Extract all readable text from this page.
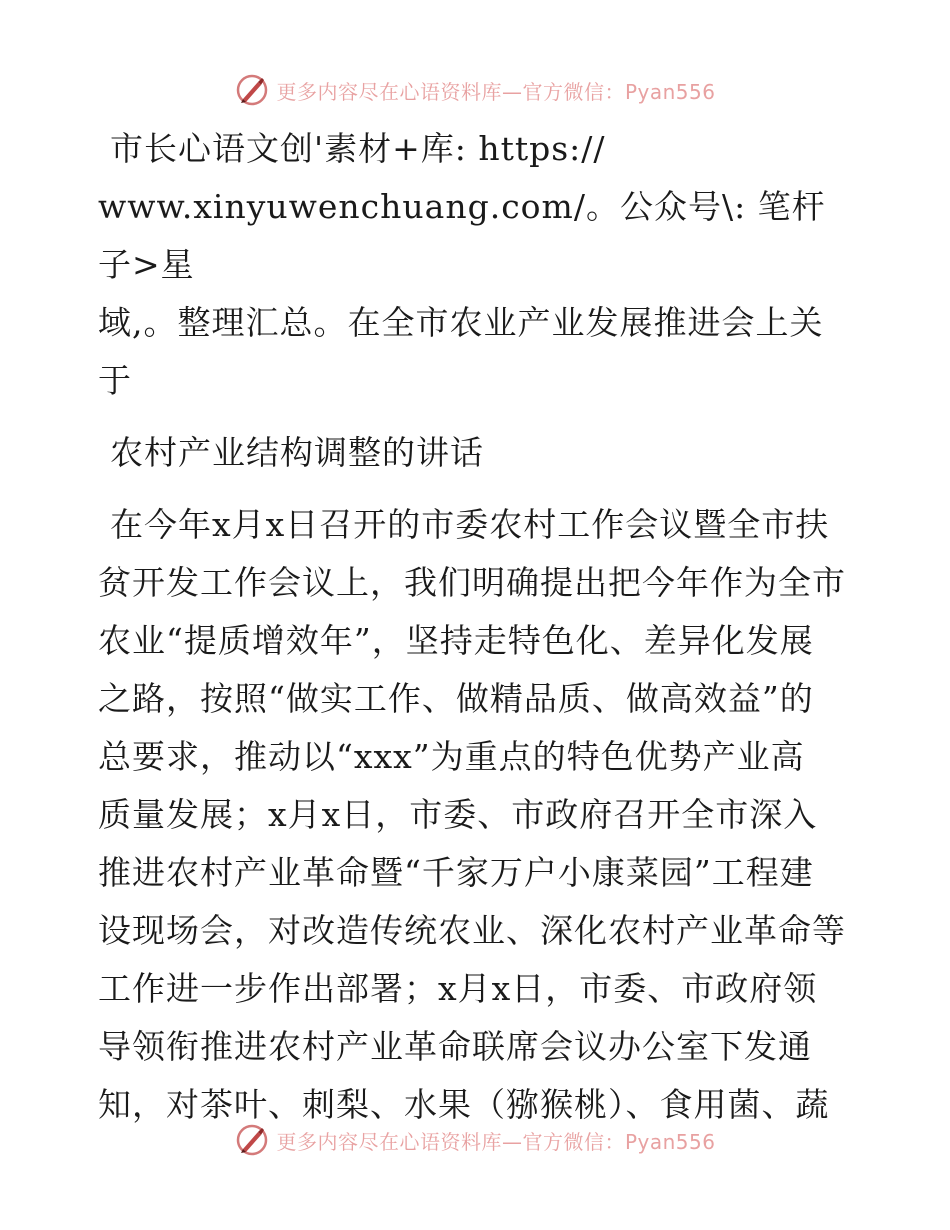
更多内容尽在心语资料库—官方微信：Pyan556

市长心语文创'素材+库: https://

www.xinyuwenchuang.com/。公众号\: 笔杆子>星

域,。整理汇总。在全市农业产业发展推进会上关

于

农村产业结构调整的讲话

在今年x月x日召开的市委农村工作会议暨全市扶

贫开发工作会议上，我们明确提出把今年作为全市

农业“提质增效年”，坚持走特色化、差异化发展

之路，按照“做实工作、做精品质、做高效益”的

总要求，推动以“xxx”为重点的特色优势产业高

质量发展；x月x日，市委、市政府召开全市深入

推进农村产业革命暨“千家万户小康菜园”工程建

设现场会，对改造传统农业、深化农村产业革命等

工作进一步作出部署；x月x日，市委、市政府领

导领衔推进农村产业革命联席会议办公室下发通

知，对茶叶、刺梨、水果（猕猴桃）、食用菌、蔬

更多内容尽在心语资料库—官方微信：Pyan556
